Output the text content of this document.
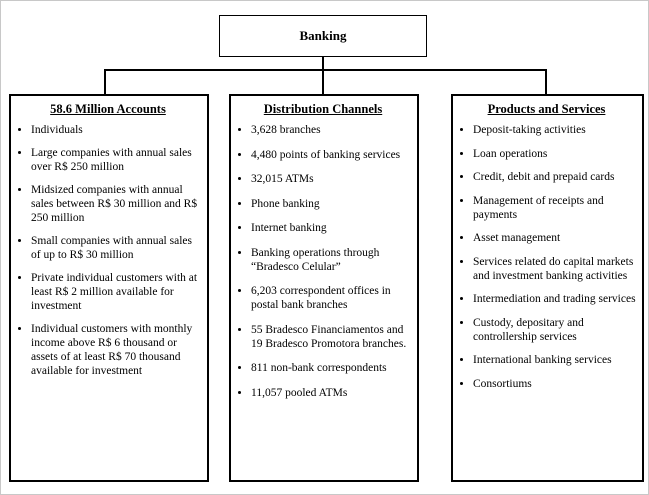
Banking
58.6 Million Accounts
• Individuals
• Large companies with annual sales over R$ 250 million
• Midsized companies with annual sales between R$ 30 million and R$ 250 million
• Small companies with annual sales of up to R$ 30 million
• Private individual customers with at least R$ 2 million available for investment
• Individual customers with monthly income above R$ 6 thousand or assets of at least R$ 70 thousand available for investment
Distribution Channels
• 3,628 branches
• 4,480 points of banking services
• 32,015 ATMs
• Phone banking
• Internet banking
• Banking operations through “Bradesco Celular”
• 6,203 correspondent offices in postal bank branches
• 55 Bradesco Financiamentos and 19 Bradesco Promotora branches.
• 811 non-bank correspondents
• 11,057 pooled ATMs
Products and Services
• Deposit-taking activities
• Loan operations
• Credit, debit and prepaid cards
• Management of receipts and payments
• Asset management
• Services related do capital markets and investment banking activities
• Intermediation and trading services
• Custody, depositary and controllership services
• International banking services
• Consortiums
